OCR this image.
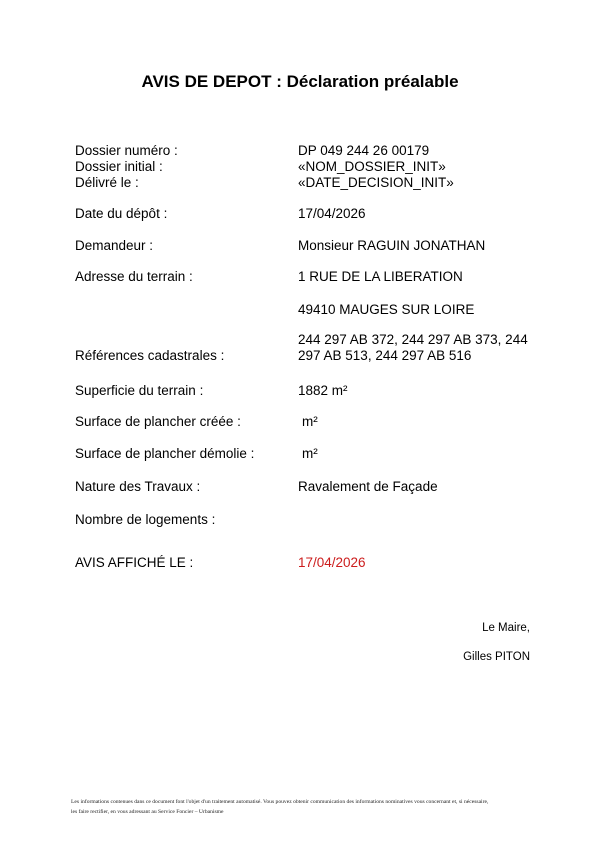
AVIS DE DEPOT : Déclaration préalable
Dossier numéro :	DP 049 244 26 00179
Dossier initial :	«NOM_DOSSIER_INIT»
Délivré le :	«DATE_DECISION_INIT»
Date du dépôt :	17/04/2026
Demandeur :	Monsieur RAGUIN JONATHAN
Adresse du terrain :	1 RUE DE LA LIBERATION
49410 MAUGES SUR LOIRE
Références cadastrales :
244 297 AB 372, 244 297 AB 373, 244 297 AB 513, 244 297 AB 516
Superficie du terrain :	1882 m²
Surface de plancher créée :	m²
Surface de plancher démolie :	m²
Nature des Travaux :	Ravalement de Façade
Nombre de logements :
AVIS AFFICHÉ LE :	17/04/2026
Le Maire,
Gilles PITON
Les informations contenues dans ce document font l'objet d'un traitement automatisé. Vous pouvez obtenir communication des informations nominatives vous concernant et, si nécessaire,
les faire rectifier, en vous adressant au Service Foncier – Urbanisme
